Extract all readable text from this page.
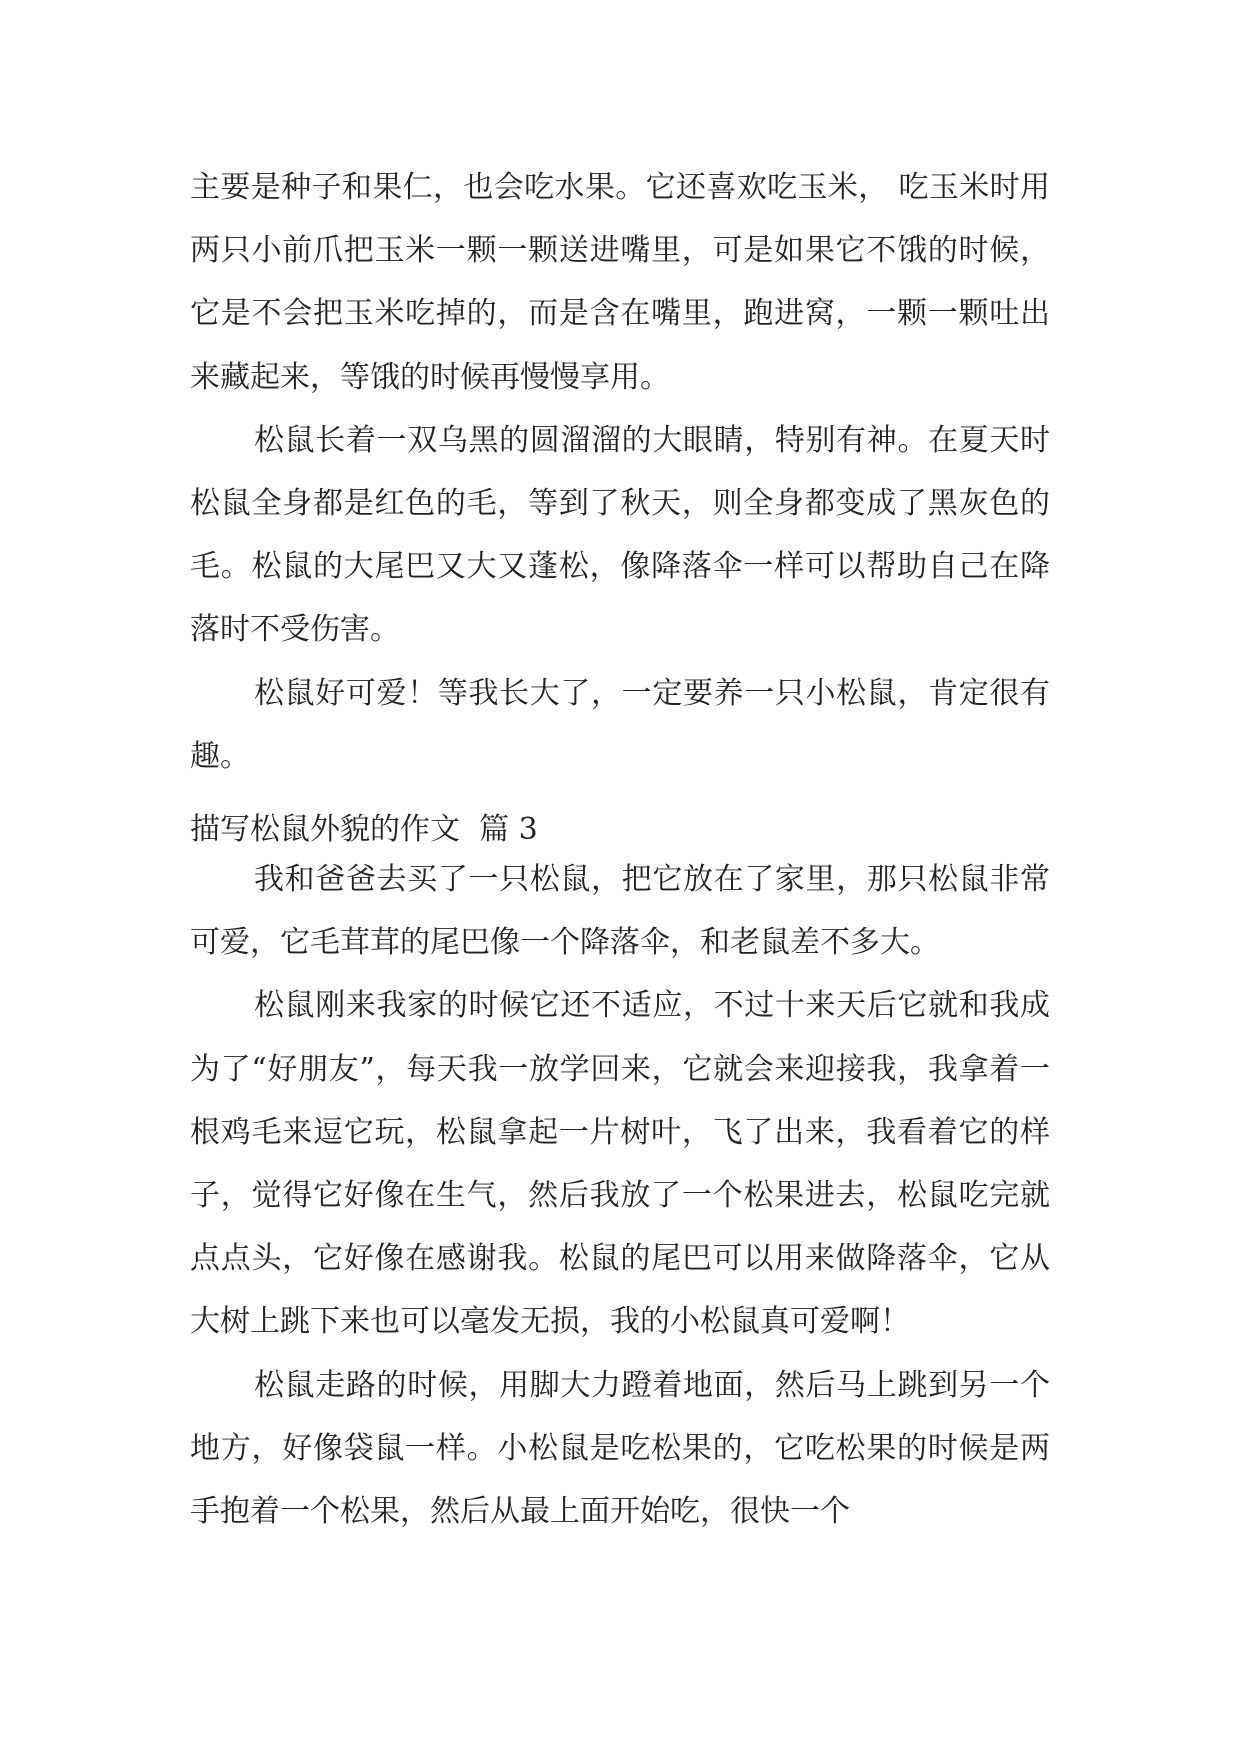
主要是种子和果仁，也会吃水果。它还喜欢吃玉米， 吃玉米时用两只小前爪把玉米一颗一颗送进嘴里，可是如果它不饿的时候，它是不会把玉米吃掉的，而是含在嘴里，跑进窝，一颗一颗吐出来藏起来，等饿的时候再慢慢享用。

松鼠长着一双乌黑的圆溜溜的大眼睛，特别有神。在夏天时松鼠全身都是红色的毛，等到了秋天，则全身都变成了黑灰色的毛。松鼠的大尾巴又大又蓬松，像降落伞一样可以帮助自己在降落时不受伤害。

松鼠好可爱！等我长大了，一定要养一只小松鼠，肯定很有趣。

描写松鼠外貌的作文  篇 3

我和爸爸去买了一只松鼠，把它放在了家里，那只松鼠非常可爱，它毛茸茸的尾巴像一个降落伞，和老鼠差不多大。

松鼠刚来我家的时候它还不适应，不过十来天后它就和我成为了“好朋友”，每天我一放学回来，它就会来迎接我，我拿着一根鸡毛来逗它玩，松鼠拿起一片树叶，飞了出来，我看着它的样子，觉得它好像在生气，然后我放了一个松果进去，松鼠吃完就点点头，它好像在感谢我。松鼠的尾巴可以用来做降落伞，它从大树上跳下来也可以毫发无损，我的小松鼠真可爱啊！

松鼠走路的时候，用脚大力蹬着地面，然后马上跳到另一个地方，好像袋鼠一样。小松鼠是吃松果的，它吃松果的时候是两手抱着一个松果，然后从最上面开始吃，很快一个
